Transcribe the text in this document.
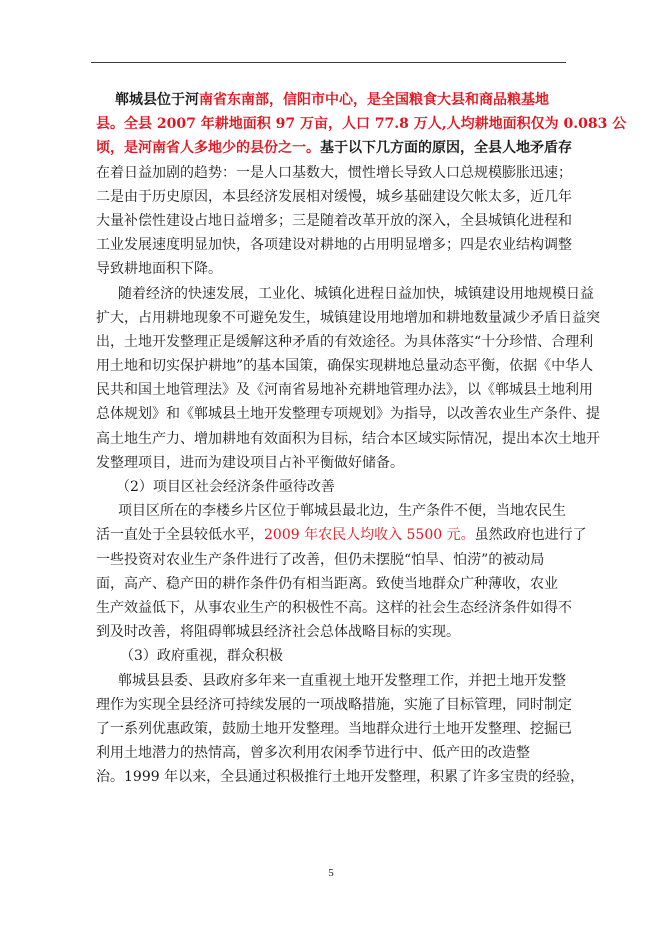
郸城县位于河南省东南部，信阳市中心，是全国粮食大县和商品粮基地
县。全县 2007 年耕地面积 97 万亩，人口 77.8 万人,人均耕地面积仅为 0.083 公
顷，是河南省人多地少的县份之一。基于以下几方面的原因，全县人地矛盾存
在着日益加剧的趋势：一是人口基数大，惯性增长导致人口总规模膨胀迅速；
二是由于历史原因，本县经济发展相对缓慢，城乡基础建设欠帐太多，近几年
大量补偿性建设占地日益增多；三是随着改革开放的深入，全县城镇化进程和
工业发展速度明显加快，各项建设对耕地的占用明显增多；四是农业结构调整
导致耕地面积下降。
随着经济的快速发展，工业化、城镇化进程日益加快，城镇建设用地规模日益
扩大，占用耕地现象不可避免发生，城镇建设用地增加和耕地数量减少矛盾日益突
出，土地开发整理正是缓解这种矛盾的有效途径。为具体落实“十分珍惜、合理利
用土地和切实保护耕地”的基本国策，确保实现耕地总量动态平衡，依据《中华人
民共和国土地管理法》及《河南省易地补充耕地管理办法》，以《郸城县土地利用
总体规划》和《郸城县土地开发整理专项规划》为指导，以改善农业生产条件、提
高土地生产力、增加耕地有效面积为目标，结合本区域实际情况，提出本次土地开
发整理项目，进而为建设项目占补平衡做好储备。
（2）项目区社会经济条件亟待改善
项目区所在的李楼乡片区位于郸城县最北边，生产条件不便，当地农民生
活一直处于全县较低水平，2009 年农民人均收入 5500 元。虽然政府也进行了
一些投资对农业生产条件进行了改善，但仍未摆脱“怕旱、怕涝”的被动局
面，高产、稳产田的耕作条件仍有相当距离。致使当地群众广种薄收，农业
生产效益低下，从事农业生产的积极性不高。这样的社会生态经济条件如得不
到及时改善，将阻碍郸城县经济社会总体战略目标的实现。
（3）政府重视，群众积极
郸城县县委、县政府多年来一直重视土地开发整理工作，并把土地开发整
理作为实现全县经济可持续发展的一项战略措施，实施了目标管理，同时制定
了一系列优惠政策，鼓励土地开发整理。当地群众进行土地开发整理、挖掘已
利用土地潜力的热情高，曾多次利用农闲季节进行中、低产田的改造整
治。1999 年以来，全县通过积极推行土地开发整理，积累了许多宝贵的经验，
5
